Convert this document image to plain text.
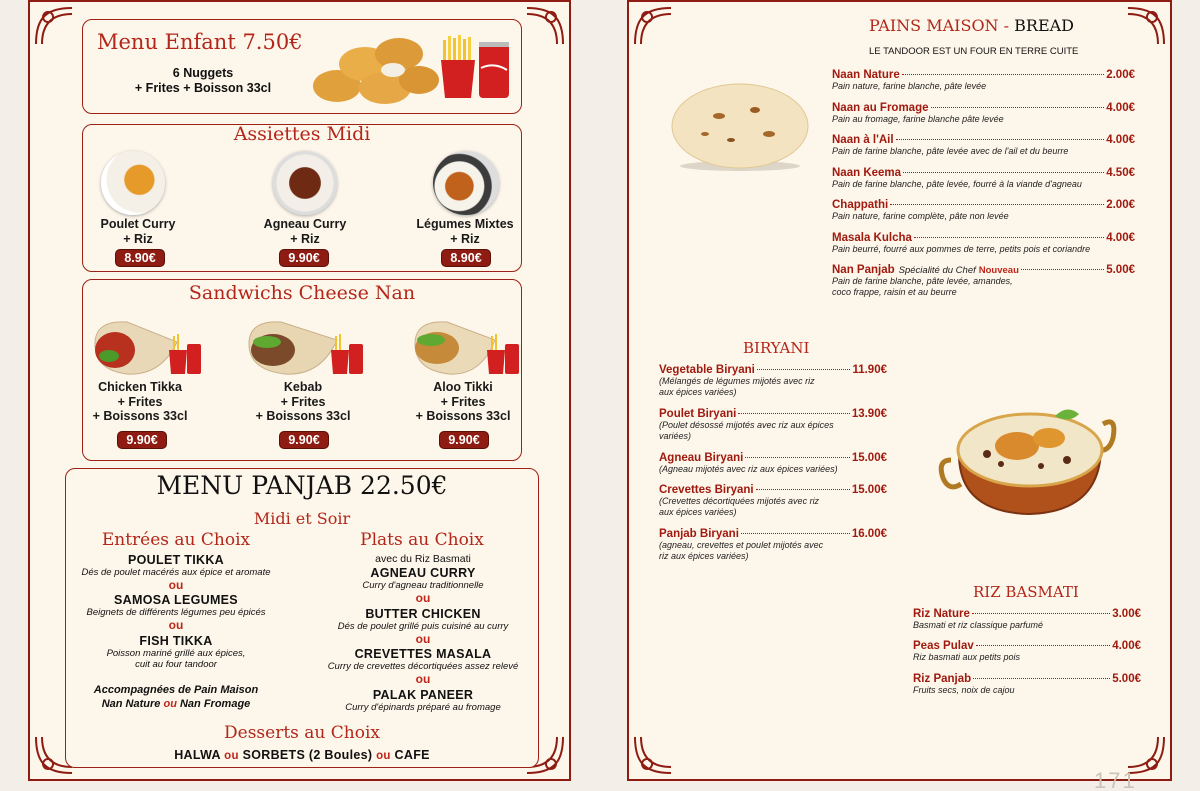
Menu Enfant 7.50€
6 Nuggets
+ Frites + Boisson 33cl
Assiettes Midi
Poulet Curry
+ Riz
8.90€
Agneau Curry
+ Riz
9.90€
Légumes Mixtes
+ Riz
8.90€
Sandwichs Cheese Nan
Chicken Tikka
+ Frites
+ Boissons 33cl
9.90€
Kebab
+ Frites
+ Boissons 33cl
9.90€
Aloo Tikki
+ Frites
+ Boissons 33cl
9.90€
MENU PANJAB 22.50€
Midi et Soir
Entrées au Choix
POULET TIKKA
Dés de poulet macérés aux épice et aromate
ou
SAMOSA LEGUMES
Beignets de différents légumes peu épicés
ou
FISH TIKKA
Poisson mariné grillé aux épices,
cuit au four tandoor
Accompagnées de Pain Maison
Nan Nature ou Nan Fromage
Plats au Choix
avec du Riz Basmati
AGNEAU CURRY
Curry d'agneau traditionnelle
ou
BUTTER CHICKEN
Dés de poulet grillé puis cuisiné au curry
ou
CREVETTES MASALA
Curry de crevettes décortiquées assez relevé
ou
PALAK PANEER
Curry d'épinards préparé au fromage
Desserts au Choix
HALWA ou SORBETS (2 Boules) ou CAFE
PAINS MAISON - BREAD
LE TANDOOR EST UN FOUR EN TERRE CUITE
Naan Nature	2.00€
Pain nature, farine blanche, pâte levée
Naan au Fromage	4.00€
Pain au fromage, farine blanche pâte levée
Naan à l'Ail	4.00€
Pain de farine blanche, pâte levée avec de l'ail et du beurre
Naan Keema	4.50€
Pain de farine blanche, pâte levée, fourré à la viande d'agneau
Chappathi	2.00€
Pain nature, farine complète, pâte non levée
Masala Kulcha	4.00€
Pain beurré, fourré aux pommes de terre, petits pois et coriandre
Nan Panjab Spécialité du Chef Nouveau	5.00€
Pain de farine blanche, pâte levée, amandes,
coco frappe, raisin et au beurre
BIRYANI
Vegetable Biryani	11.90€
(Mélangés de légumes mijotés avec riz
aux épices variées)
Poulet Biryani	13.90€
(Poulet désossé mijotés avec riz aux épices
variées)
Agneau Biryani	15.00€
(Agneau mijotés avec riz aux épices variées)
Crevettes Biryani	15.00€
(Crevettes décortiquées mijotés avec riz
aux épices variées)
Panjab Biryani	16.00€
(agneau, crevettes et poulet mijotés avec
riz aux épices variées)
RIZ BASMATI
Riz Nature	3.00€
Basmati et riz classique parfumé
Peas Pulav	4.00€
Riz basmati aux petits pois
Riz Panjab	5.00€
Fruits secs, noix de cajou
171
